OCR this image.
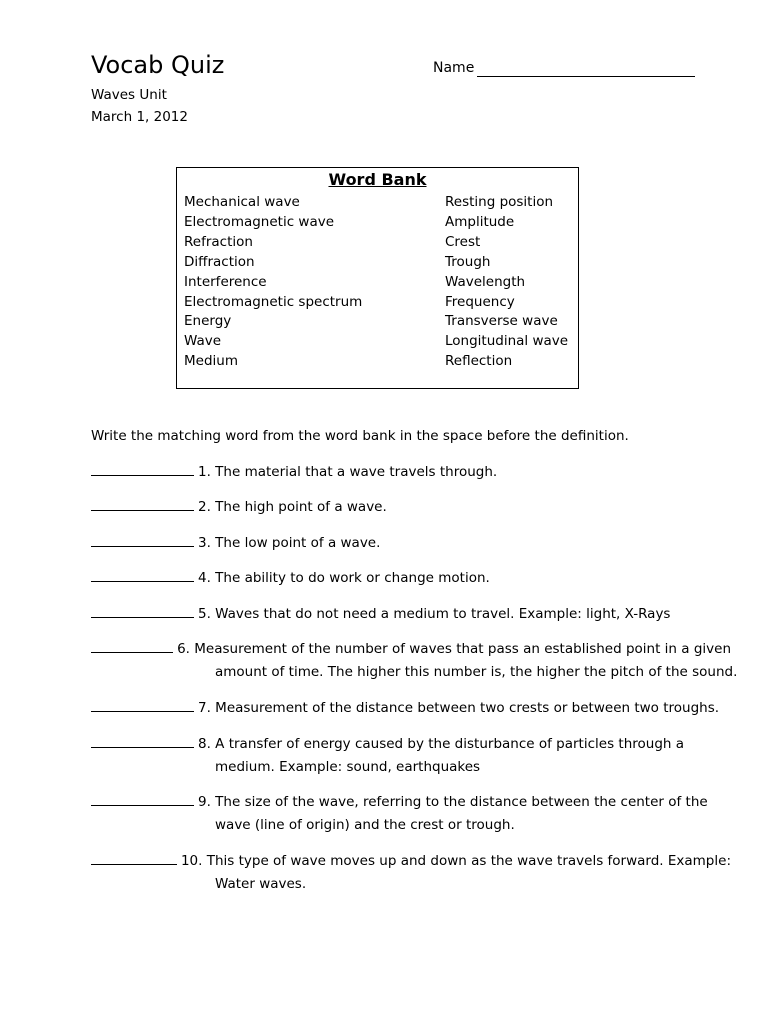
Vocab Quiz	Name
Waves Unit
March 1, 2012
Word Bank
Mechanical wave
Electromagnetic wave
Refraction
Diffraction
Interference
Electromagnetic spectrum
Energy
Wave
Medium
Resting position
Amplitude
Crest
Trough
Wavelength
Frequency
Transverse wave
Longitudinal wave
Reflection
Write the matching word from the word bank in the space before the definition.
1. The material that a wave travels through.
2. The high point of a wave.
3. The low point of a wave.
4. The ability to do work or change motion.
5. Waves that do not need a medium to travel. Example: light, X-Rays
6. Measurement of the number of waves that pass an established point in a given
amount of time. The higher this number is, the higher the pitch of the sound.
7. Measurement of the distance between two crests or between two troughs.
8. A transfer of energy caused by the disturbance of particles through a
medium. Example: sound, earthquakes
9. The size of the wave, referring to the distance between the center of the
wave (line of origin) and the crest or trough.
10. This type of wave moves up and down as the wave travels forward. Example:
Water waves.
